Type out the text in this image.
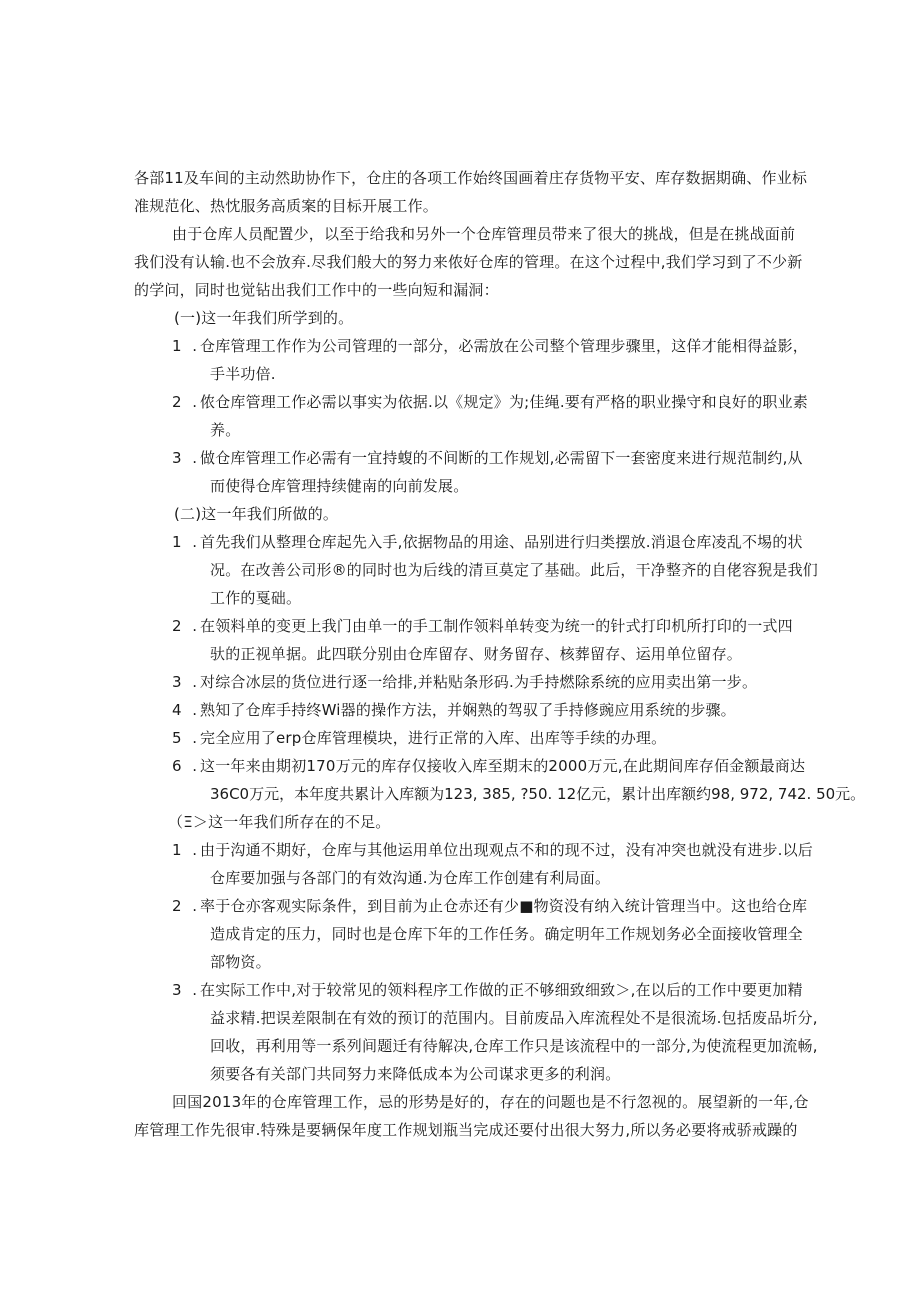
各部11及车间的主动然助协作下，仓庄的各项工作始终国画着庄存货物平安、库存数据期确、作业标
准规范化、热忱服务高质案的目标开展工作。
由于仓库人员配置少，以至于给我和另外一个仓库管理员带来了很大的挑战，但是在挑战面前
我们没有认输.也不会放弃.尽我们般大的努力来侬好仓库的管理。在这个过程中,我们学习到了不少新
的学问，同时也觉钻出我们工作中的一些向短和漏洞：
(一)这一年我们所学到的。
1 . 仓库管理工作作为公司管理的一部分，必需放在公司整个管理步骤里，这佯才能相得益影，
手半功倍.
2 . 侬仓库管理工作必需以事实为依据.以《规定》为;佳绳.要有严格的职业操守和良好的职业素
养。
3 . 做仓库管理工作必需有一宜持蝮的不间断的工作规划,必需留下一套密度来进行规范制约,从
而使得仓库管理持续健南的向前发展。
(二)这一年我们所做的。
1 . 首先我们从整理仓库起先入手,依据物品的用途、品别进行归类摆放.消退仓库凌乱不埸的状
况。在改善公司形®的同时也为后线的清亘莫定了基础。此后，干净整齐的自佬容猊是我们
工作的戛础。
2 . 在领料单的变更上我门由单一的手工制作领料单转变为统一的针式打印机所打印的一式四
驮的正视单据。此四联分别由仓库留存、财务留存、核葬留存、运用单位留存。
3 . 对综合冰层的货位进行逐一给排,并粘贴条形码.为手持燃除系统的应用卖出第一步。
4 . 熟知了仓库手持终Wi器的操作方法，并娴熟的驾驭了手持修豌应用系统的步骤。
5 . 完全应用了erp仓库管理模块，进行正常的入库、出库等手续的办理。
6 . 这一年来由期初170万元的库存仅接收入库至期末的2000万元,在此期间库存佰金额最商达
36C0万元，本年度共累计入库额为123, 385, ?50. 12亿元，累计出库额约98, 972, 742. 50元。
（Ξ＞这一年我们所存在的不足。
1 . 由于沟通不期好，仓库与其他运用单位出现观点不和的现不过，没有冲突也就没有进步.以后
仓库要加强与各部门的有效沟通.为仓库工作创建有利局面。
2 . 率于仓亦客观实际条件，到目前为止仓赤还有少■物资没有纳入统计管理当中。这也给仓库
造成肯定的压力，同时也是仓库下年的工作任务。确定明年工作规划务必全面接收管理全
部物资。
3 . 在实际工作中,对于较常见的领料程序工作做的正不够细致细致＞,在以后的工作中要更加精
益求精.把误差限制在有效的预订的范围内。目前废品入库流程处不是很流场.包括废品圻分,
回收，再利用等一系列间题迁有待解决,仓库工作只是该流程中的一部分,为使流程更加流畅,
须要各有关部门共同努力来降低成本为公司谋求更多的利润。
回国2013年的仓库管理工作，忌的形势是好的，存在的问题也是不行忽视的。展望新的一年,仓
库管理工作先很审.特殊是要辆保年度工作规划瓶当完成还要付出很大努力,所以务必要将戒骄戒躁的
